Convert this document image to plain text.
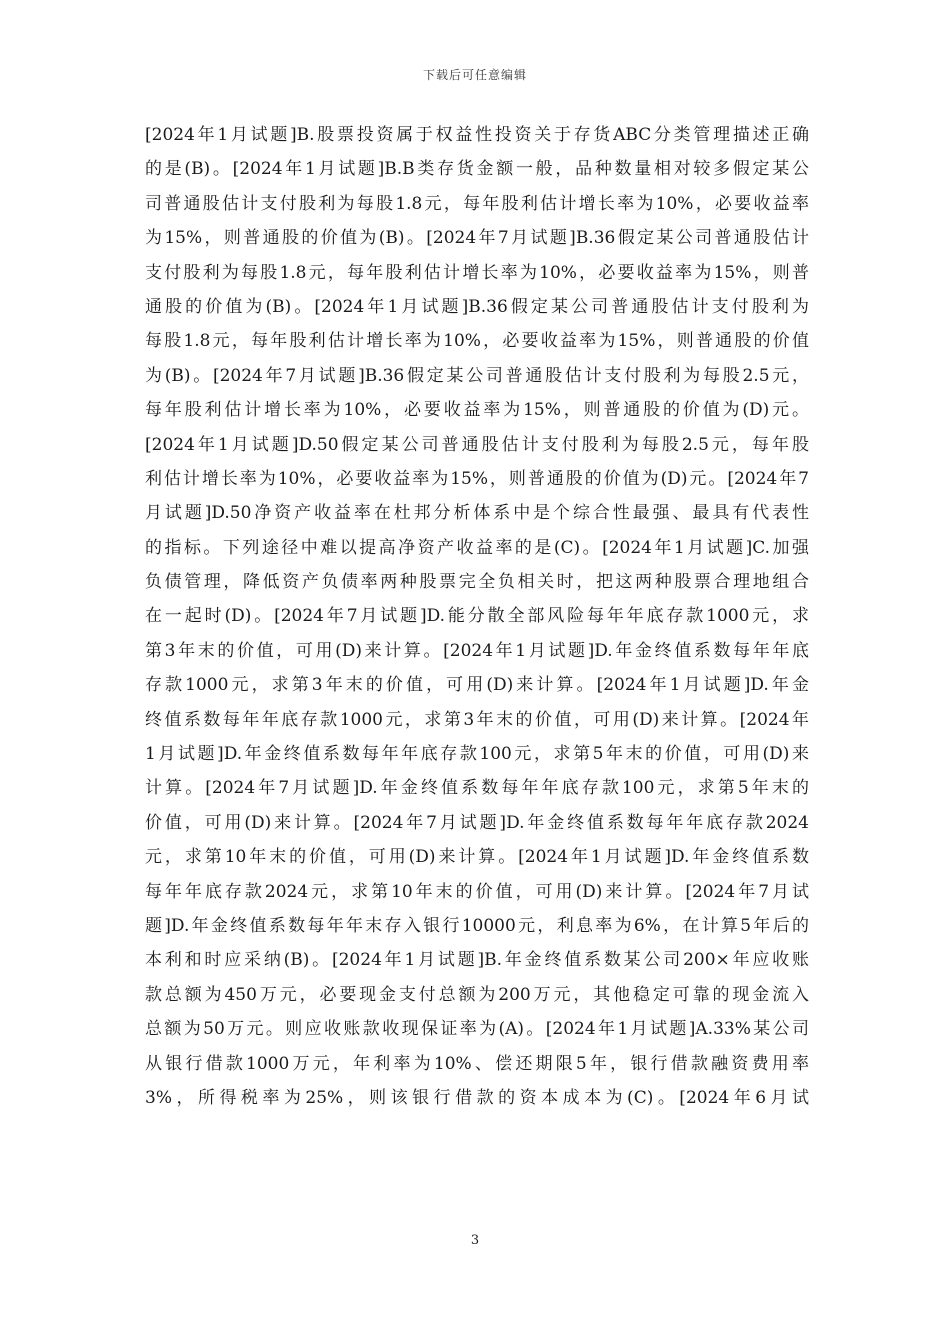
下载后可任意编辑
[2024年1月试题]B.股票投资属于权益性投资关于存货ABC分类管理描述正确
的是(B)。[2024年1月试题]B.B类存货金额一般，品种数量相对较多假定某公
司普通股估计支付股利为每股1.8元，每年股利估计增长率为10%，必要收益率
为15%，则普通股的价值为(B)。[2024年7月试题]B.36假定某公司普通股估计
支付股利为每股1.8元，每年股利估计增长率为10%，必要收益率为15%，则普
通股的价值为(B)。[2024年1月试题]B.36假定某公司普通股估计支付股利为
每股1.8元，每年股利估计增长率为10%，必要收益率为15%，则普通股的价值
为(B)。[2024年7月试题]B.36假定某公司普通股估计支付股利为每股2.5元，
每年股利估计增长率为10%，必要收益率为15%，则普通股的价值为(D)元。
[2024年1月试题]D.50假定某公司普通股估计支付股利为每股2.5元，每年股
利估计增长率为10%，必要收益率为15%，则普通股的价值为(D)元。[2024年7
月试题]D.50净资产收益率在杜邦分析体系中是个综合性最强、最具有代表性
的指标。下列途径中难以提高净资产收益率的是(C)。[2024年1月试题]C.加强
负债管理，降低资产负债率两种股票完全负相关时，把这两种股票合理地组合
在一起时(D)。[2024年7月试题]D.能分散全部风险每年年底存款1000元，求
第3年末的价值，可用(D)来计算。[2024年1月试题]D.年金终值系数每年年底
存款1000元，求第3年末的价值，可用(D)来计算。[2024年1月试题]D.年金
终值系数每年年底存款1000元，求第3年末的价值，可用(D)来计算。[2024年
1月试题]D.年金终值系数每年年底存款100元，求第5年末的价值，可用(D)来
计算。[2024年7月试题]D.年金终值系数每年年底存款100元，求第5年末的
价值，可用(D)来计算。[2024年7月试题]D.年金终值系数每年年底存款2024
元，求第10年末的价值，可用(D)来计算。[2024年1月试题]D.年金终值系数
每年年底存款2024元，求第10年末的价值，可用(D)来计算。[2024年7月试
题]D.年金终值系数每年年末存入银行10000元，利息率为6%，在计算5年后的
本利和时应采纳(B)。[2024年1月试题]B.年金终值系数某公司200×年应收账
款总额为450万元，必要现金支付总额为200万元，其他稳定可靠的现金流入
总额为50万元。则应收账款收现保证率为(A)。[2024年1月试题]A.33%某公司
从银行借款1000万元，年利率为10%、偿还期限5年，银行借款融资费用率
3%，所得税率为25%，则该银行借款的资本成本为(C)。[2024年6月试
3
